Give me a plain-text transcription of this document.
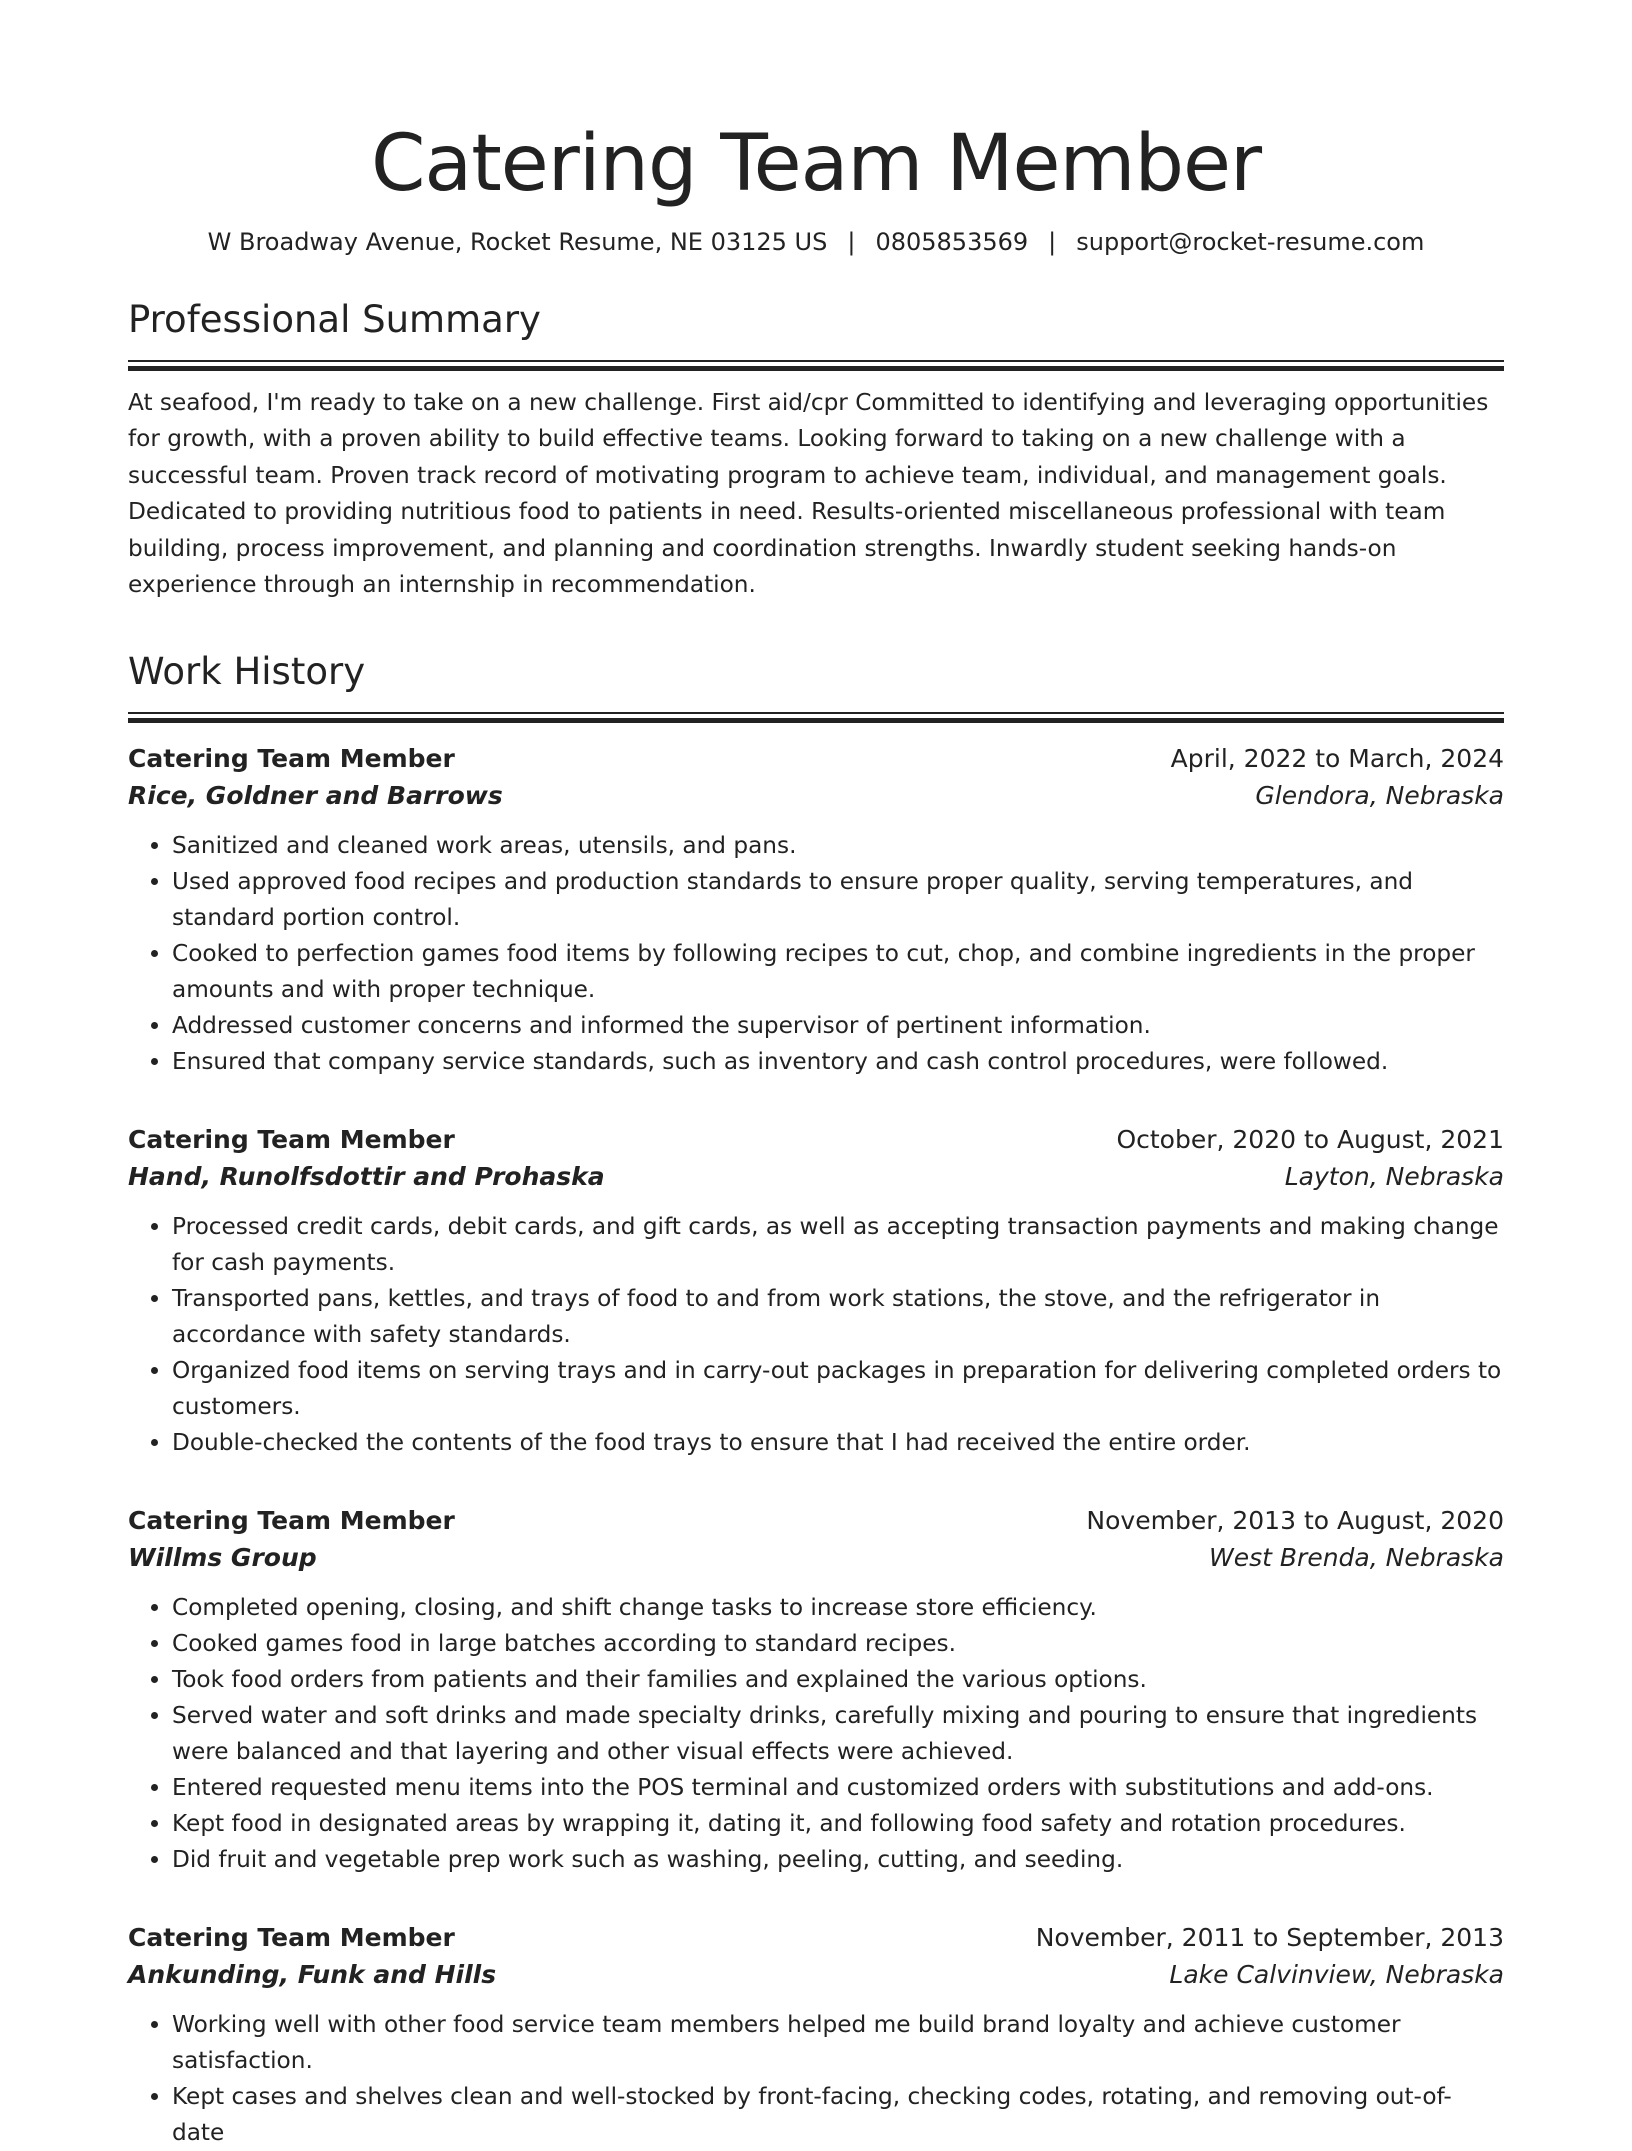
Catering Team Member
W Broadway Avenue, Rocket Resume, NE 03125 US | 0805853569 | support@rocket-resume.com
Professional Summary

At seafood, I'm ready to take on a new challenge. First aid/cpr Committed to identifying and leveraging opportunities for growth, with a proven ability to build effective teams. Looking forward to taking on a new challenge with a successful team. Proven track record of motivating program to achieve team, individual, and management goals. Dedicated to providing nutritious food to patients in need. Results-oriented miscellaneous professional with team building, process improvement, and planning and coordination strengths. Inwardly student seeking hands-on experience through an internship in recommendation.

Work History
Catering Team Member	April, 2022 to March, 2024
Rice, Goldner and Barrows	Glendora, Nebraska
• Sanitized and cleaned work areas, utensils, and pans.
• Used approved food recipes and production standards to ensure proper quality, serving temperatures, and standard portion control.
• Cooked to perfection games food items by following recipes to cut, chop, and combine ingredients in the proper amounts and with proper technique.
• Addressed customer concerns and informed the supervisor of pertinent information.
• Ensured that company service standards, such as inventory and cash control procedures, were followed.
Catering Team Member	October, 2020 to August, 2021
Hand, Runolfsdottir and Prohaska	Layton, Nebraska
• Processed credit cards, debit cards, and gift cards, as well as accepting transaction payments and making change for cash payments.
• Transported pans, kettles, and trays of food to and from work stations, the stove, and the refrigerator in accordance with safety standards.
• Organized food items on serving trays and in carry-out packages in preparation for delivering completed orders to customers.
• Double-checked the contents of the food trays to ensure that I had received the entire order.
Catering Team Member	November, 2013 to August, 2020
Willms Group	West Brenda, Nebraska
• Completed opening, closing, and shift change tasks to increase store efficiency.
• Cooked games food in large batches according to standard recipes.
• Took food orders from patients and their families and explained the various options.
• Served water and soft drinks and made specialty drinks, carefully mixing and pouring to ensure that ingredients were balanced and that layering and other visual effects were achieved.
• Entered requested menu items into the POS terminal and customized orders with substitutions and add-ons.
• Kept food in designated areas by wrapping it, dating it, and following food safety and rotation procedures.
• Did fruit and vegetable prep work such as washing, peeling, cutting, and seeding.
Catering Team Member	November, 2011 to September, 2013
Ankunding, Funk and Hills	Lake Calvinview, Nebraska
• Working well with other food service team members helped me build brand loyalty and achieve customer satisfaction.
• Kept cases and shelves clean and well-stocked by front-facing, checking codes, rotating, and removing out-of-date
